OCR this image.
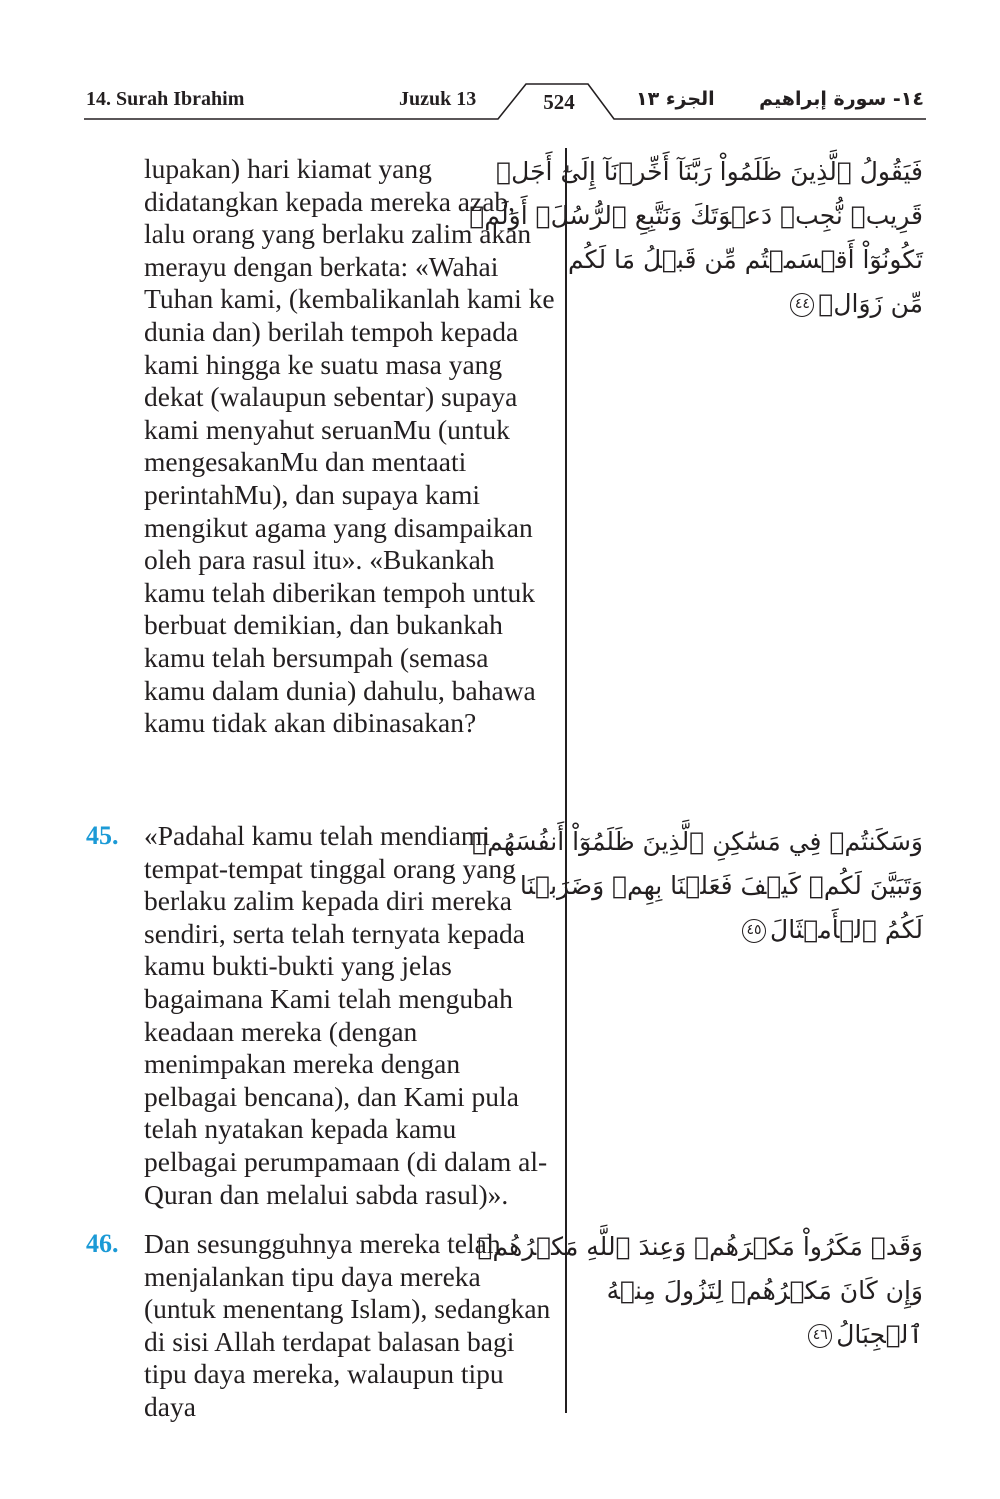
14. Surah Ibrahim	Juzuk 13	524	الجزء ١٣	١٤- سورة إبراهيم
lupakan) hari kiamat yang didatangkan kepada mereka azab, lalu orang yang berlaku zalim akan merayu dengan berkata: «Wahai Tuhan kami, (kembalikanlah kami ke dunia dan) berilah tempoh kepada kami hingga ke suatu masa yang dekat (walaupun sebentar) supaya kami menyahut seruanMu (untuk mengesakanMu dan mentaati perintahMu), dan supaya kami mengikut agama yang disampaikan oleh para rasul itu». «Bukankah kamu telah diberikan tempoh untuk berbuat demikian, dan bukankah kamu telah bersumpah (semasa kamu dalam dunia) dahulu, bahawa kamu tidak akan dibinasakan?
فَيَقُولُ ٱلَّذِينَ ظَلَمُواْ رَبَّنَآ أَخِّرۡنَآ إِلَىٰٓ أَجَلٖ
قَرِيبٖ نُّجِبۡ دَعۡوَتَكَ وَنَتَّبِعِ ٱلرُّسُلَۗ أَوَلَمۡ
تَكُونُوٓاْ أَقۡسَمۡتُم مِّن قَبۡلُ مَا لَكُم
مِّن زَوَالٖ٤٤
45. «Padahal kamu telah mendiami tempat-tempat tinggal orang yang berlaku zalim kepada diri mereka sendiri, serta telah ternyata kepada kamu bukti-bukti yang jelas bagaimana Kami telah mengubah keadaan mereka (dengan menimpakan mereka dengan pelbagai bencana), dan Kami pula telah nyatakan kepada kamu pelbagai perumpamaan (di dalam al-Quran dan melalui sabda rasul)».
وَسَكَنتُمۡ فِي مَسَٰكِنِ ٱلَّذِينَ ظَلَمُوٓاْ أَنفُسَهُمۡ
وَتَبَيَّنَ لَكُمۡ كَيۡفَ فَعَلۡنَا بِهِمۡ وَضَرَبۡنَا
لَكُمُ ٱلۡأَمۡثَالَ٤٥
46. Dan sesungguhnya mereka telah menjalankan tipu daya mereka (untuk menentang Islam), sedangkan di sisi Allah terdapat balasan bagi tipu daya mereka, walaupun tipu daya
وَقَدۡ مَكَرُواْ مَكۡرَهُمۡ وَعِندَ ٱللَّهِ مَكۡرُهُمۡ
وَإِن كَانَ مَكۡرُهُمۡ لِتَزُولَ مِنۡهُ
ٱلۡجِبَالُ٤٦
